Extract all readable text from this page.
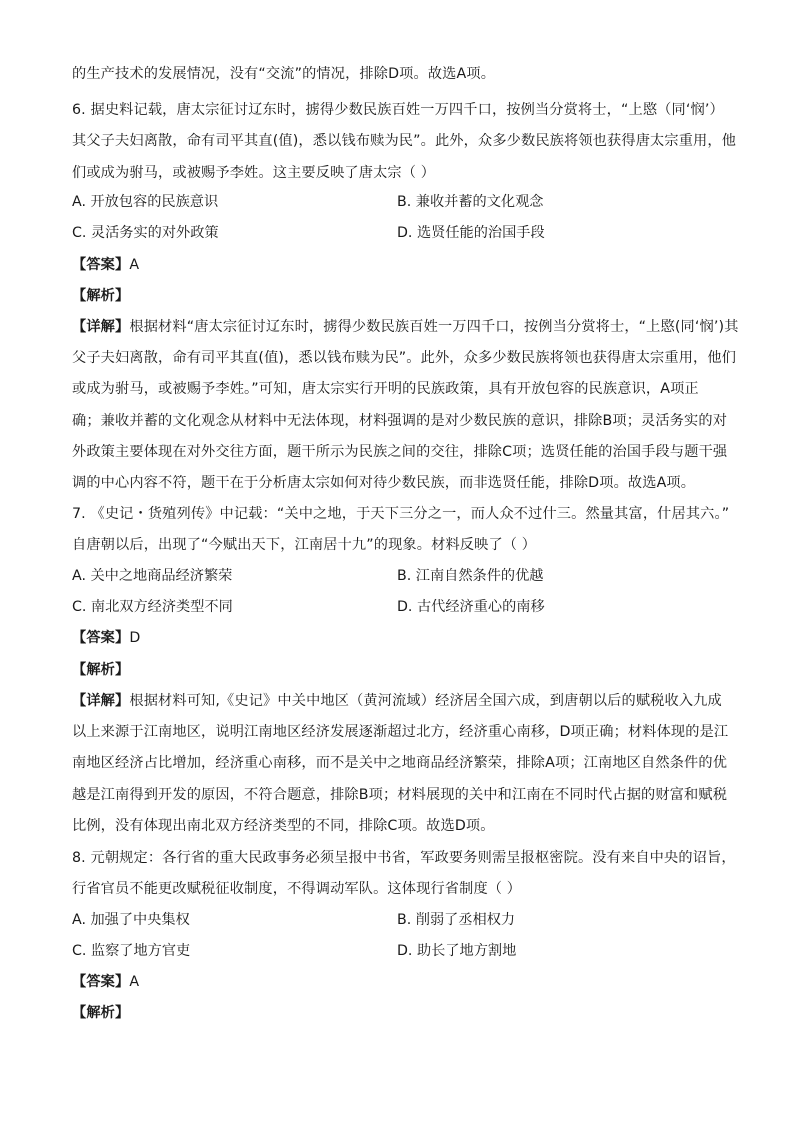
的生产技术的发展情况，没有“交流”的情况，排除D项。故选A项。
6. 据史料记载，唐太宗征讨辽东时，掳得少数民族百姓一万四千口，按例当分赏将士，“上愍（同‘悯’）
其父子夫妇离散，命有司平其直(值)，悉以钱布赎为民”。此外，众多少数民族将领也获得唐太宗重用，他
们或成为驸马，或被赐予李姓。这主要反映了唐太宗（ ）
A. 开放包容的民族意识	B. 兼收并蓄的文化观念
C. 灵活务实的对外政策	D. 选贤任能的治国手段
【答案】A
【解析】
【详解】根据材料“唐太宗征讨辽东时，掳得少数民族百姓一万四千口，按例当分赏将士，“上愍(同‘悯’)其
父子夫妇离散，命有司平其直(值)，悉以钱布赎为民”。此外，众多少数民族将领也获得唐太宗重用，他们
或成为驸马，或被赐予李姓。”可知，唐太宗实行开明的民族政策，具有开放包容的民族意识，A项正
确；兼收并蓄的文化观念从材料中无法体现，材料强调的是对少数民族的意识，排除B项；灵活务实的对
外政策主要体现在对外交往方面，题干所示为民族之间的交往，排除C项；选贤任能的治国手段与题干强
调的中心内容不符，题干在于分析唐太宗如何对待少数民族，而非选贤任能，排除D项。故选A项。
7. 《史记・货殖列传》中记载：“关中之地，于天下三分之一，而人众不过什三。然量其富，什居其六。”
自唐朝以后，出现了“今赋出天下，江南居十九”的现象。材料反映了（ ）
A. 关中之地商品经济繁荣	B. 江南自然条件的优越
C. 南北双方经济类型不同	D. 古代经济重心的南移
【答案】D
【解析】
【详解】根据材料可知,《史记》中关中地区（黄河流域）经济居全国六成，到唐朝以后的赋税收入九成
以上来源于江南地区，说明江南地区经济发展逐渐超过北方，经济重心南移，D项正确；材料体现的是江
南地区经济占比增加，经济重心南移，而不是关中之地商品经济繁荣，排除A项；江南地区自然条件的优
越是江南得到开发的原因，不符合题意，排除B项；材料展现的关中和江南在不同时代占据的财富和赋税
比例，没有体现出南北双方经济类型的不同，排除C项。故选D项。
8. 元朝规定：各行省的重大民政事务必须呈报中书省，军政要务则需呈报枢密院。没有来自中央的诏旨，
行省官员不能更改赋税征收制度，不得调动军队。这体现行省制度（ ）
A. 加强了中央集权	B. 削弱了丞相权力
C. 监察了地方官吏	D. 助长了地方割地
【答案】A
【解析】
